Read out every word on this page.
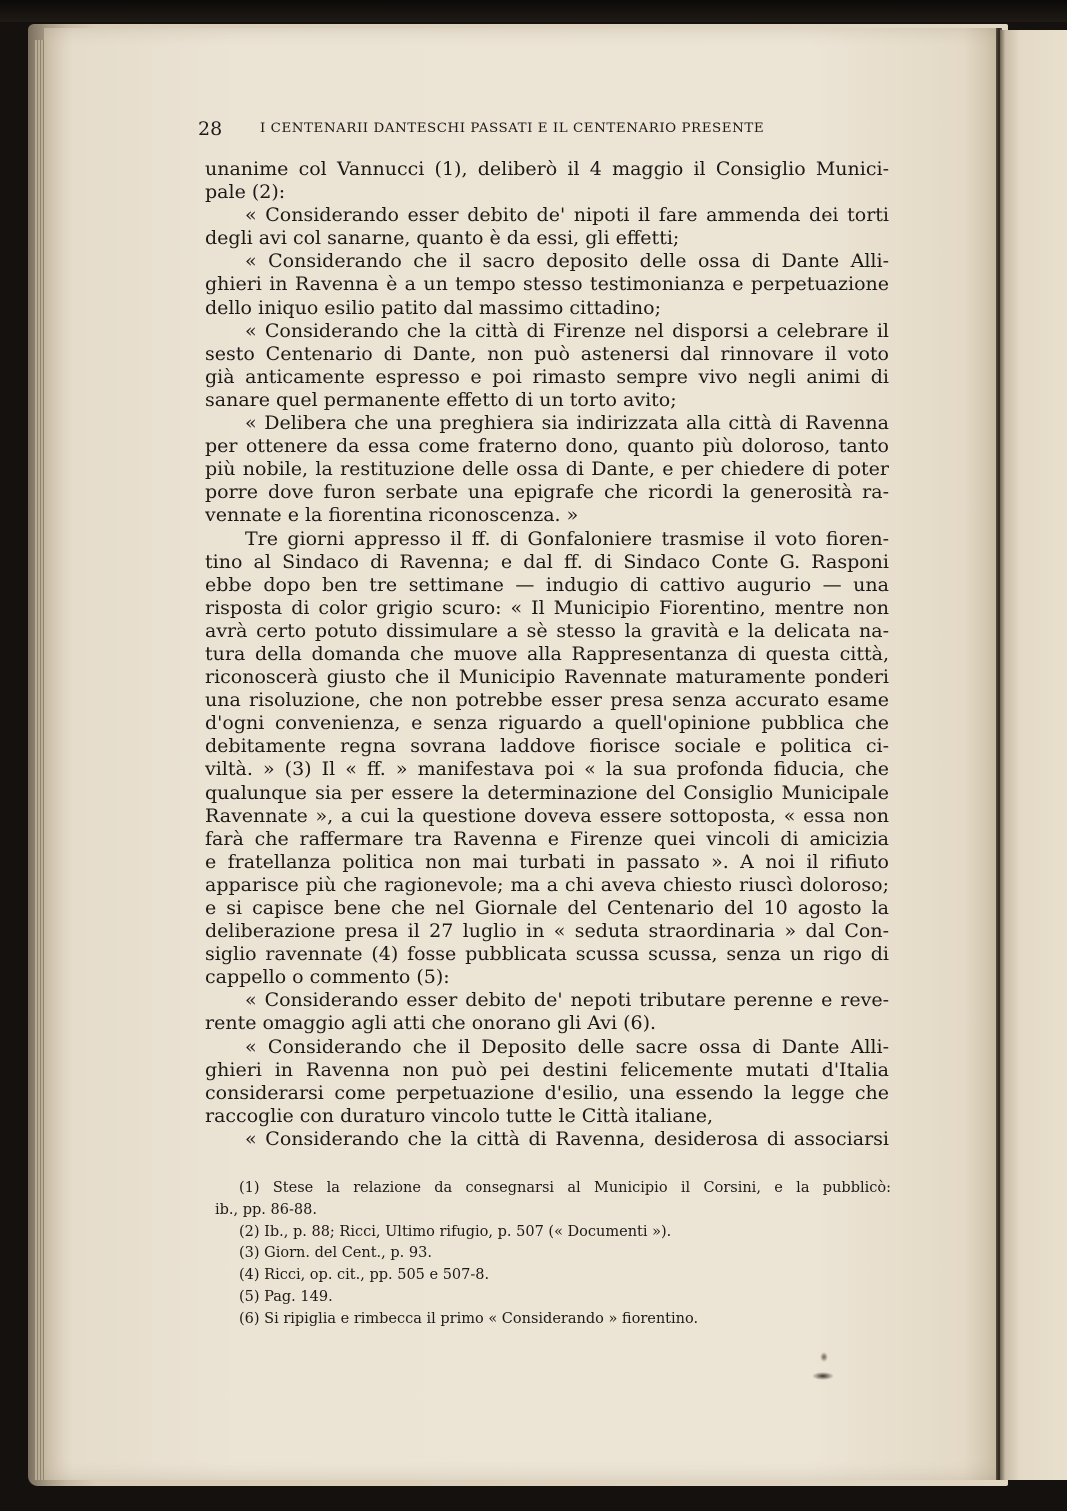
28	I CENTENARII DANTESCHI PASSATI E IL CENTENARIO PRESENTE
unanime col Vannucci (1), deliberò il 4 maggio il Consiglio Munici-
pale (2):
« Considerando esser debito de' nipoti il fare ammenda dei torti
degli avi col sanarne, quanto è da essi, gli effetti;
« Considerando che il sacro deposito delle ossa di Dante Alli-
ghieri in Ravenna è a un tempo stesso testimonianza e perpetuazione
dello iniquo esilio patito dal massimo cittadino;
« Considerando che la città di Firenze nel disporsi a celebrare il
sesto Centenario di Dante, non può astenersi dal rinnovare il voto
già anticamente espresso e poi rimasto sempre vivo negli animi di
sanare quel permanente effetto di un torto avito;
« Delibera che una preghiera sia indirizzata alla città di Ravenna
per ottenere da essa come fraterno dono, quanto più doloroso, tanto
più nobile, la restituzione delle ossa di Dante, e per chiedere di poter
porre dove furon serbate una epigrafe che ricordi la generosità ra-
vennate e la fiorentina riconoscenza. »
Tre giorni appresso il ff. di Gonfaloniere trasmise il voto fioren-
tino al Sindaco di Ravenna; e dal ff. di Sindaco Conte G. Rasponi
ebbe dopo ben tre settimane — indugio di cattivo augurio — una
risposta di color grigio scuro: « Il Municipio Fiorentino, mentre non
avrà certo potuto dissimulare a sè stesso la gravità e la delicata na-
tura della domanda che muove alla Rappresentanza di questa città,
riconoscerà giusto che il Municipio Ravennate maturamente ponderi
una risoluzione, che non potrebbe esser presa senza accurato esame
d'ogni convenienza, e senza riguardo a quell'opinione pubblica che
debitamente regna sovrana laddove fiorisce sociale e politica ci-
viltà. » (3) Il « ff. » manifestava poi « la sua profonda fiducia, che
qualunque sia per essere la determinazione del Consiglio Municipale
Ravennate », a cui la questione doveva essere sottoposta, « essa non
farà che raffermare tra Ravenna e Firenze quei vincoli di amicizia
e fratellanza politica non mai turbati in passato ». A noi il rifiuto
apparisce più che ragionevole; ma a chi aveva chiesto riuscì doloroso;
e si capisce bene che nel Giornale del Centenario del 10 agosto la
deliberazione presa il 27 luglio in « seduta straordinaria » dal Con-
siglio ravennate (4) fosse pubblicata scussa scussa, senza un rigo di
cappello o commento (5):
« Considerando esser debito de' nepoti tributare perenne e reve-
rente omaggio agli atti che onorano gli Avi (6).
« Considerando che il Deposito delle sacre ossa di Dante Alli-
ghieri in Ravenna non può pei destini felicemente mutati d'Italia
considerarsi come perpetuazione d'esilio, una essendo la legge che
raccoglie con duraturo vincolo tutte le Città italiane,
« Considerando che la città di Ravenna, desiderosa di associarsi
(1) Stese la relazione da consegnarsi al Municipio il Corsini, e la pubblicò:
ib., pp. 86-88.
(2) Ib., p. 88; Ricci, Ultimo rifugio, p. 507 (« Documenti »).
(3) Giorn. del Cent., p. 93.
(4) Ricci, op. cit., pp. 505 e 507-8.
(5) Pag. 149.
(6) Si ripiglia e rimbecca il primo « Considerando » fiorentino.
